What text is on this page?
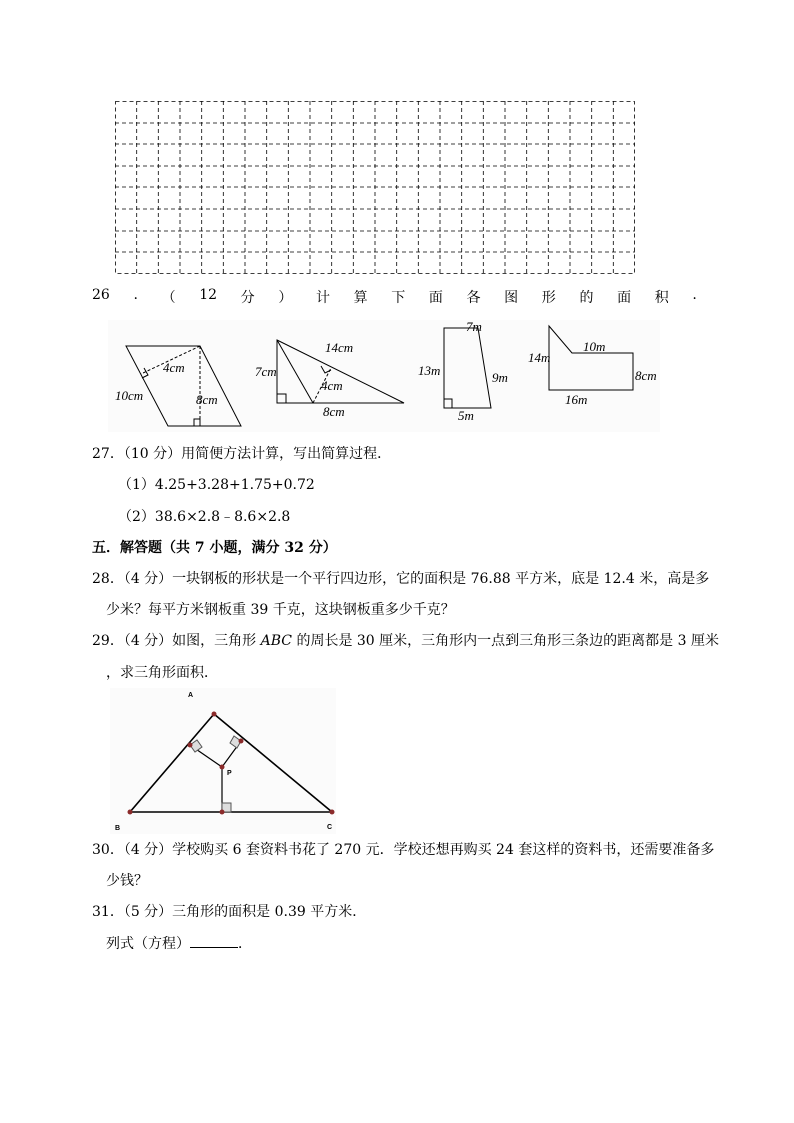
26 . （ 12 分 ） 计 算 下 面 各 图 形 的 面 积 .
4cm
10cm	8cm
7cm
14cm
4cm
8cm
7m
13m	9m
5m
14m
10m
8cm
16m
27．（10 分）用简便方法计算，写出简算过程．
（1）4.25+3.28+1.75+0.72
（2）38.6×2.8﹣8.6×2.8
五．解答题（共 7 小题，满分 32 分）
28．（4 分）一块钢板的形状是一个平行四边形，它的面积是 76.88 平方米，底是 12.4 米，高是多
少米？每平方米钢板重 39 千克，这块钢板重多少千克？
29．（4 分）如图，三角形 ABC 的周长是 30 厘米，三角形内一点到三角形三条边的距离都是 3 厘米
，求三角形面积．
A
B	C
P
30．（4 分）学校购买 6 套资料书花了 270 元．学校还想再购买 24 套这样的资料书，还需要准备多
少钱？
31．（5 分）三角形的面积是 0.39 平方米．
列式（方程）	．
